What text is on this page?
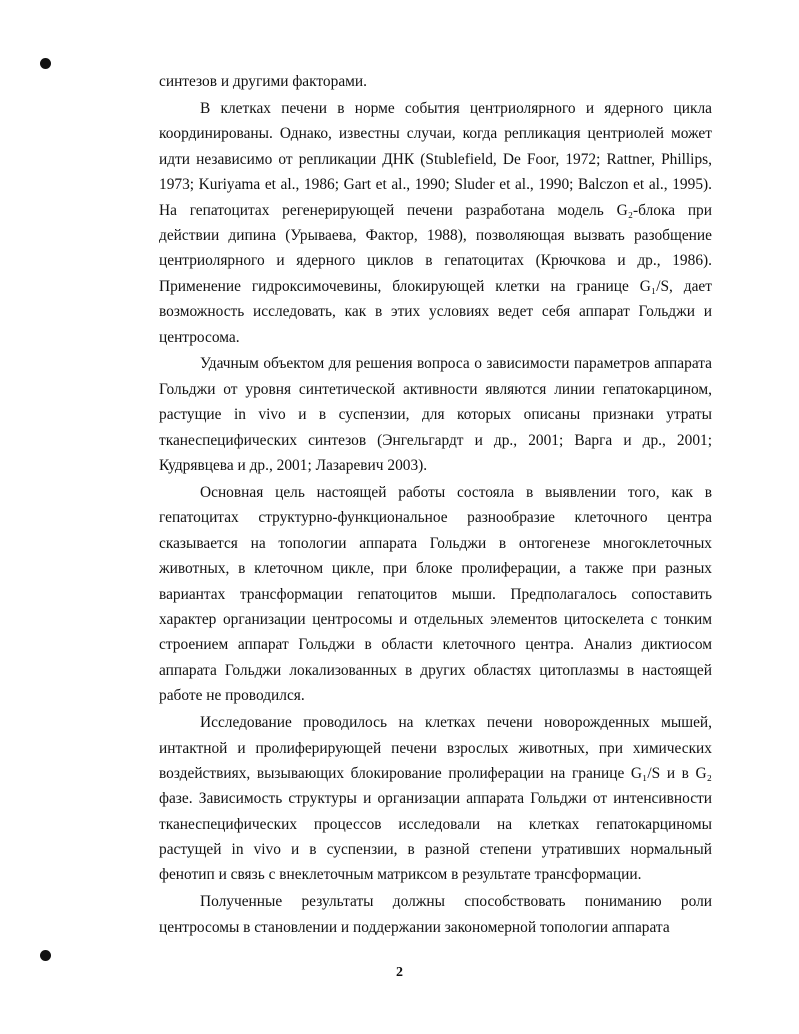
синтезов и другими факторами.
В клетках печени в норме события центриолярного и ядерного цикла
координированы. Однако, известны случаи, когда репликация центриолей может
идти независимо от репликации ДНК (Stublefield, De Foor, 1972; Rattner, Phillips,
1973; Kuriyama et al., 1986; Gart et al., 1990; Sluder et al., 1990; Balczon et al., 1995).
На гепатоцитах регенерирующей печени разработана модель G₂-блока при
действии дипина (Урываева, Фактор, 1988), позволяющая вызвать разобщение
центриолярного и ядерного циклов в гепатоцитах (Крючкова и др., 1986).
Применение гидроксимочевины, блокирующей клетки на границе G₁/S, дает
возможность исследовать, как в этих условиях ведет себя аппарат Гольджи и
центросома.
Удачным объектом для решения вопроса о зависимости параметров аппарата
Гольджи от уровня синтетической активности являются линии гепатокарцином,
растущие in vivo и в суспензии, для которых описаны признаки утраты
тканеспецифических синтезов (Энгельгардт и др., 2001; Варга и др., 2001;
Кудрявцева и др., 2001; Лазаревич 2003).
Основная цель настоящей работы состояла в выявлении того, как в
гепатоцитах структурно-функциональное разнообразие клеточного центра
сказывается на топологии аппарата Гольджи в онтогенезе многоклеточных
животных, в клеточном цикле, при блоке пролиферации, а также при разных
вариантах трансформации гепатоцитов мыши. Предполагалось сопоставить
характер организации центросомы и отдельных элементов цитоскелета с тонким
строением аппарат Гольджи в области клеточного центра. Анализ диктиосом
аппарата Гольджи локализованных в других областях цитоплазмы в настоящей
работе не проводился.
Исследование проводилось на клетках печени новорожденных мышей,
интактной и пролиферирующей печени взрослых животных, при химических
воздействиях, вызывающих блокирование пролиферации на границе G₁/S и в G₂
фазе. Зависимость структуры и организации аппарата Гольджи от интенсивности
тканеспецифических процессов исследовали на клетках гепатокарциномы
растущей in vivo и в суспензии, в разной степени утративших нормальный
фенотип и связь с внеклеточным матриксом в результате трансформации.
Полученные результаты должны способствовать пониманию роли
центросомы в становлении и поддержании закономерной топологии аппарата
2
